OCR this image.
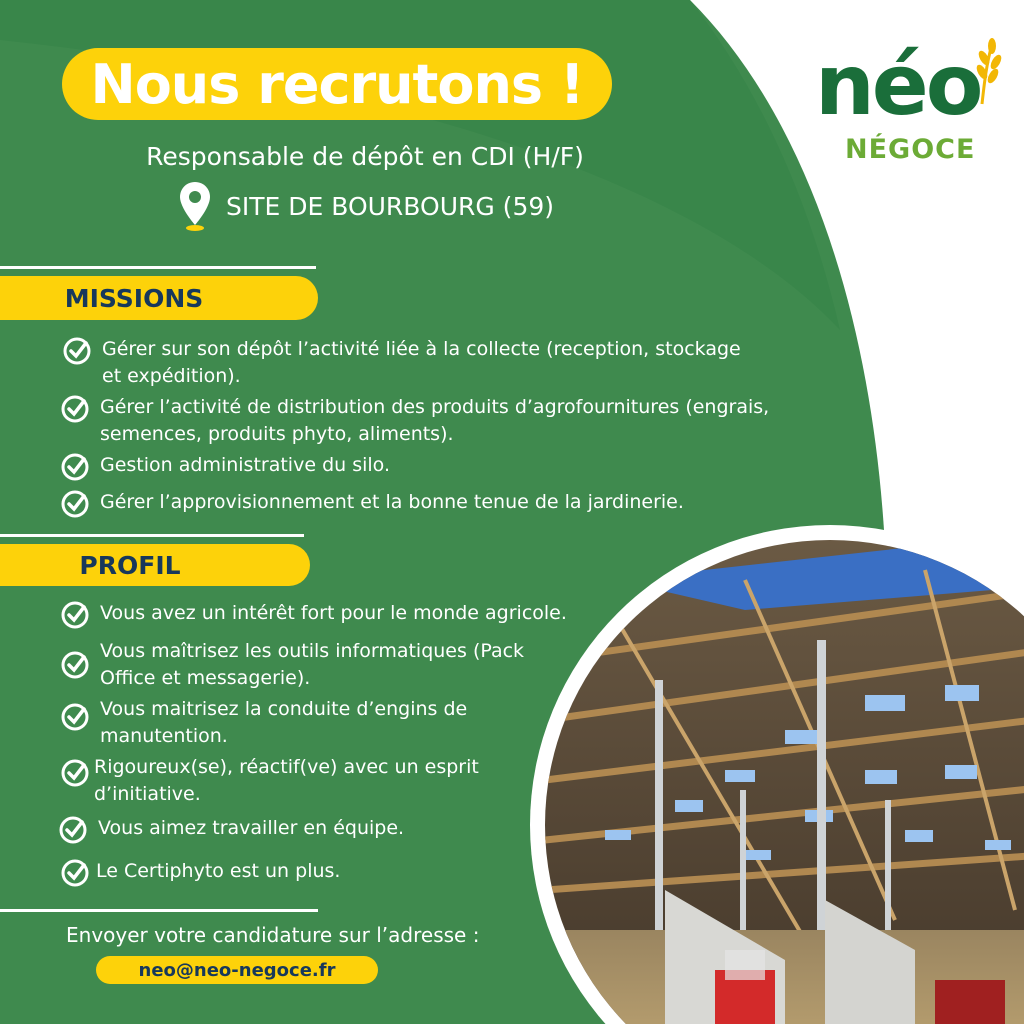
Nous recrutons !
Responsable de dépôt en CDI (H/F)
SITE DE BOURBOURG (59)
néo
NÉGOCE
MISSIONS
Gérer sur son dépôt l’activité liée à la collecte (reception, stockage
et expédition).
Gérer l’activité de distribution des produits d’agrofournitures (engrais,
semences, produits phyto, aliments).
Gestion administrative du silo.
Gérer l’approvisionnement et la bonne tenue de la jardinerie.
PROFIL
Vous avez un intérêt fort pour le monde agricole.
Vous maîtrisez les outils informatiques (Pack
Office et messagerie).
Vous maitrisez la conduite d’engins de
manutention.
Rigoureux(se), réactif(ve) avec un esprit
d’initiative.
Vous aimez travailler en équipe.
Le Certiphyto est un plus.
Envoyer votre candidature sur l’adresse :
neo@neo-negoce.fr
